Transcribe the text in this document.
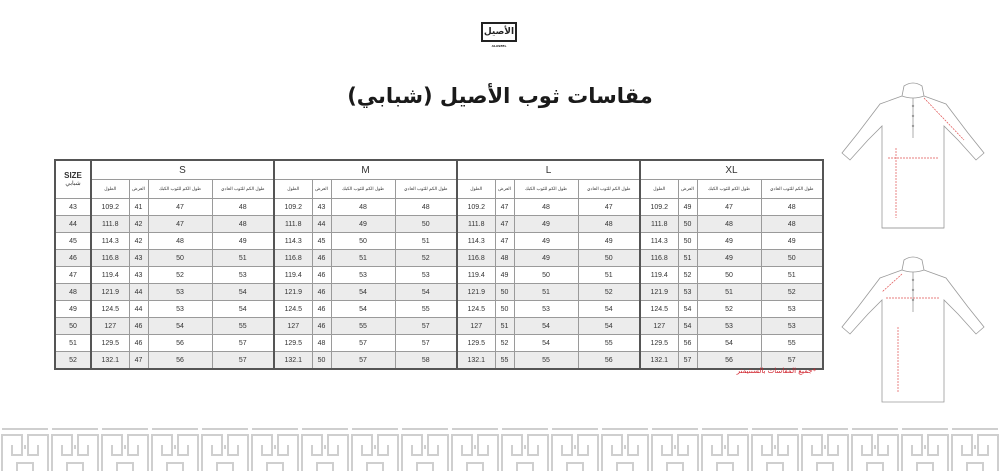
الأصيل
ALASEEL
مقاسات ثوب الأصيل (شبابي)
SIZE
شبابي	S				M				L				XL			
	الطول	العرض	طول الكم للثوب الكبك	طول الكم للثوب العادي	الطول	العرض	طول الكم للثوب الكبك	طول الكم للثوب العادي	الطول	العرض	طول الكم للثوب الكبك	طول الكم للثوب العادي	الطول	العرض	طول الكم للثوب الكبك	طول الكم للثوب العادي
43	109.2	41	47	48	109.2	43	48	48	109.2	47	48	47	109.2	49	47	48
44	111.8	42	47	48	111.8	44	49	50	111.8	47	49	48	111.8	50	48	48
45	114.3	42	48	49	114.3	45	50	51	114.3	47	49	49	114.3	50	49	49
46	116.8	43	50	51	116.8	46	51	52	116.8	48	49	50	116.8	51	49	50
47	119.4	43	52	53	119.4	46	53	53	119.4	49	50	51	119.4	52	50	51
48	121.9	44	53	54	121.9	46	54	54	121.9	50	51	52	121.9	53	51	52
49	124.5	44	53	54	124.5	46	54	55	124.5	50	53	54	124.5	54	52	53
50	127	46	54	55	127	46	55	57	127	51	54	54	127	54	53	53
51	129.5	46	56	57	129.5	48	57	57	129.5	52	54	55	129.5	56	54	55
52	132.1	47	56	57	132.1	50	57	58	132.1	55	55	56	132.1	57	56	57
*جميع المقاسات بالسنتيمتر
